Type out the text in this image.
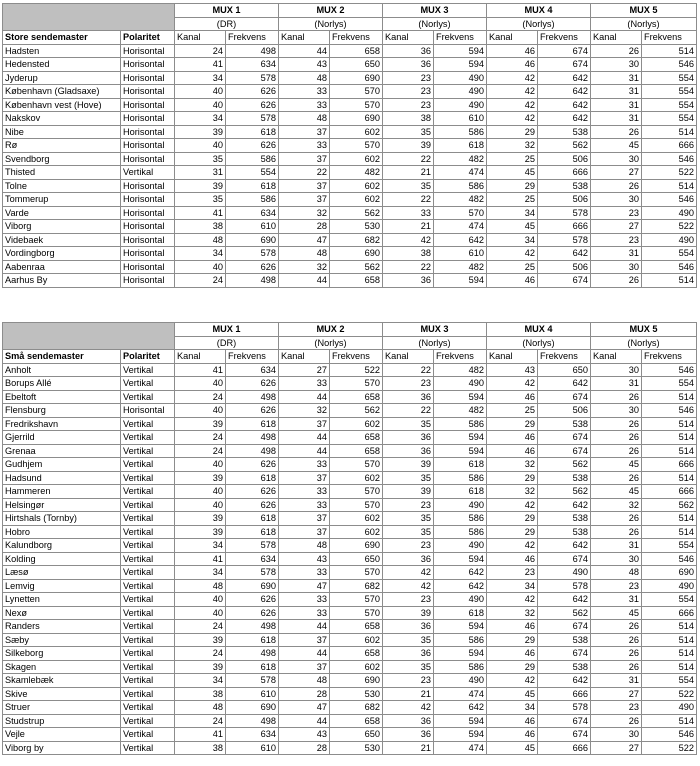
		MUX 1		MUX 2		MUX 3		MUX 4		MUX 5	
		(DR)		(Norlys)		(Norlys)		(Norlys)		(Norlys)	
Store sendemaster	Polaritet	Kanal	Frekvens	Kanal	Frekvens	Kanal	Frekvens	Kanal	Frekvens	Kanal	Frekvens
Hadsten	Horisontal	24	498	44	658	36	594	46	674	26	514
Hedensted	Horisontal	41	634	43	650	36	594	46	674	30	546
Jyderup	Horisontal	34	578	48	690	23	490	42	642	31	554
København (Gladsaxe)	Horisontal	40	626	33	570	23	490	42	642	31	554
København vest (Hove)	Horisontal	40	626	33	570	23	490	42	642	31	554
Nakskov	Horisontal	34	578	48	690	38	610	42	642	31	554
Nibe	Horisontal	39	618	37	602	35	586	29	538	26	514
Rø	Horisontal	40	626	33	570	39	618	32	562	45	666
Svendborg	Horisontal	35	586	37	602	22	482	25	506	30	546
Thisted	Vertikal	31	554	22	482	21	474	45	666	27	522
Tolne	Horisontal	39	618	37	602	35	586	29	538	26	514
Tommerup	Horisontal	35	586	37	602	22	482	25	506	30	546
Varde	Horisontal	41	634	32	562	33	570	34	578	23	490
Viborg	Horisontal	38	610	28	530	21	474	45	666	27	522
Videbaek	Horisontal	48	690	47	682	42	642	34	578	23	490
Vordingborg	Horisontal	34	578	48	690	38	610	42	642	31	554
Aabenraa	Horisontal	40	626	32	562	22	482	25	506	30	546
Aarhus By	Horisontal	24	498	44	658	36	594	46	674	26	514
		MUX 1		MUX 2		MUX 3		MUX 4		MUX 5	
		(DR)		(Norlys)		(Norlys)		(Norlys)		(Norlys)	
Små sendemaster	Polaritet	Kanal	Frekvens	Kanal	Frekvens	Kanal	Frekvens	Kanal	Frekvens	Kanal	Frekvens
Anholt	Vertikal	41	634	27	522	22	482	43	650	30	546
Borups Allé	Vertikal	40	626	33	570	23	490	42	642	31	554
Ebeltoft	Vertikal	24	498	44	658	36	594	46	674	26	514
Flensburg	Horisontal	40	626	32	562	22	482	25	506	30	546
Fredrikshavn	Vertikal	39	618	37	602	35	586	29	538	26	514
Gjerrild	Vertikal	24	498	44	658	36	594	46	674	26	514
Grenaa	Vertikal	24	498	44	658	36	594	46	674	26	514
Gudhjem	Vertikal	40	626	33	570	39	618	32	562	45	666
Hadsund	Vertikal	39	618	37	602	35	586	29	538	26	514
Hammeren	Vertikal	40	626	33	570	39	618	32	562	45	666
Helsingør	Vertikal	40	626	33	570	23	490	42	642	32	562
Hirtshals (Tornby)	Vertikal	39	618	37	602	35	586	29	538	26	514
Hobro	Vertikal	39	618	37	602	35	586	29	538	26	514
Kalundborg	Vertikal	34	578	48	690	23	490	42	642	31	554
Kolding	Vertikal	41	634	43	650	36	594	46	674	30	546
Læsø	Vertikal	34	578	33	570	42	642	23	490	48	690
Lemvig	Vertikal	48	690	47	682	42	642	34	578	23	490
Lynetten	Vertikal	40	626	33	570	23	490	42	642	31	554
Nexø	Vertikal	40	626	33	570	39	618	32	562	45	666
Randers	Vertikal	24	498	44	658	36	594	46	674	26	514
Sæby	Vertikal	39	618	37	602	35	586	29	538	26	514
Silkeborg	Vertikal	24	498	44	658	36	594	46	674	26	514
Skagen	Vertikal	39	618	37	602	35	586	29	538	26	514
Skamlebæk	Vertikal	34	578	48	690	23	490	42	642	31	554
Skive	Vertikal	38	610	28	530	21	474	45	666	27	522
Struer	Vertikal	48	690	47	682	42	642	34	578	23	490
Studstrup	Vertikal	24	498	44	658	36	594	46	674	26	514
Vejle	Vertikal	41	634	43	650	36	594	46	674	30	546
Viborg by	Vertikal	38	610	28	530	21	474	45	666	27	522
